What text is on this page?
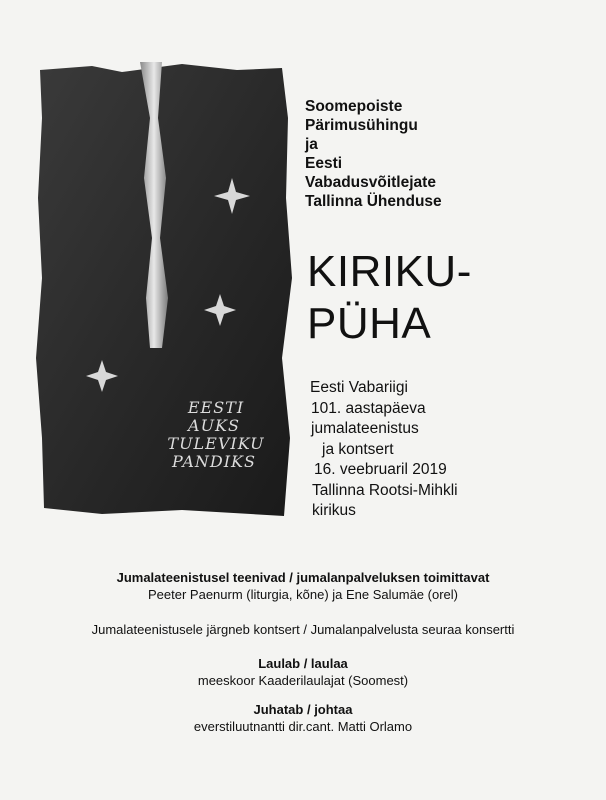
EESTI
AUKS
TULEVIKU
PANDIKS
Soomepoiste
Pärimusühingu
ja
Eesti
Vabadusvõitlejate
Tallinna Ühenduse
KIRIKU-
PÜHA
Eesti Vabariigi
101. aastapäeva
jumalateenistus
ja kontsert
16. veebruaril 2019
Tallinna Rootsi-Mihkli
kirikus
Jumalateenistusel teenivad / jumalanpalveluksen toimittavat
Peeter Paenurm (liturgia, kõne) ja Ene Salumäe (orel)
Jumalateenistusele järgneb kontsert / Jumalanpalvelusta seuraa konsertti
Laulab / laulaa
meeskoor Kaaderilaulajat (Soomest)
Juhatab / johtaa
everstiluutnantti dir.cant. Matti Orlamo
